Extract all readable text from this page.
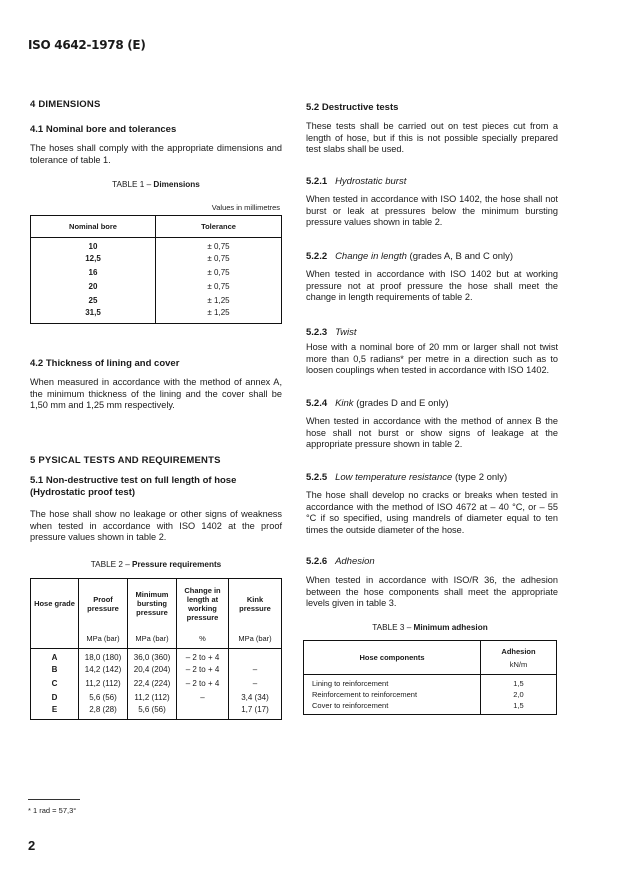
ISO 4642-1978 (E)
4 DIMENSIONS
4.1 Nominal bore and tolerances
The hoses shall comply with the appropriate dimensions and tolerance of table 1.
TABLE 1 – Dimensions
Values in millimetres
Nominal bore	Tolerance
10	± 0,75
12,5	± 0,75
16	± 0,75
20	± 0,75
25	± 1,25
31,5	± 1,25
4.2 Thickness of lining and cover
When measured in accordance with the method of annex A, the minimum thickness of the lining and the cover shall be 1,50 mm and 1,25 mm respectively.
5 PYSICAL TESTS AND REQUIREMENTS
5.1 Non-destructive test on full length of hose (Hydrostatic proof test)
The hose shall show no leakage or other signs of weakness when tested in accordance with ISO 1402 at the proof pressure values shown in table 2.
TABLE 2 – Pressure requirements
Hose grade	Proof pressure	Minimum bursting pressure	Change in length at working pressure	Kink pressure
	MPa (bar)	MPa (bar)	%	MPa (bar)
A	18,0 (180)	36,0 (360)	– 2 to + 4	
B	14,2 (142)	20,4 (204)	– 2 to + 4	–
C	11,2 (112)	22,4 (224)	– 2 to + 4	–
D	5,6 (56)	11,2 (112)	–	3,4 (34)
E	2,8 (28)	5,6 (56)		1,7 (17)
5.2 Destructive tests
These tests shall be carried out on test pieces cut from a length of hose, but if this is not possible specially prepared test slabs shall be used.
5.2.1 Hydrostatic burst
When tested in accordance with ISO 1402, the hose shall not burst or leak at pressures below the minimum bursting pressure values shown in table 2.
5.2.2 Change in length (grades A, B and C only)
When tested in accordance with ISO 1402 but at working pressure not at proof pressure the hose shall meet the change in length requirements of table 2.
5.2.3 Twist
Hose with a nominal bore of 20 mm or larger shall not twist more than 0,5 radians* per metre in a direction such as to loosen couplings when tested in accordance with ISO 1402.
5.2.4 Kink (grades D and E only)
When tested in accordance with the method of annex B the hose shall not burst or show signs of leakage at the appropriate pressure shown in table 2.
5.2.5 Low temperature resistance (type 2 only)
The hose shall develop no cracks or breaks when tested in accordance with the method of ISO 4672 at – 40 °C, or – 55 °C if so specified, using mandrels of diameter equal to ten times the outside diameter of the hose.
5.2.6 Adhesion
When tested in accordance with ISO/R 36, the adhesion between the hose components shall meet the appropriate levels given in table 3.
TABLE 3 – Minimum adhesion
Hose components	Adhesion
kN/m

Lining to reinforcement	1,5
Reinforcement to reinforcement	2,0
Cover to reinforcement	1,5
* 1 rad = 57,3°
2
